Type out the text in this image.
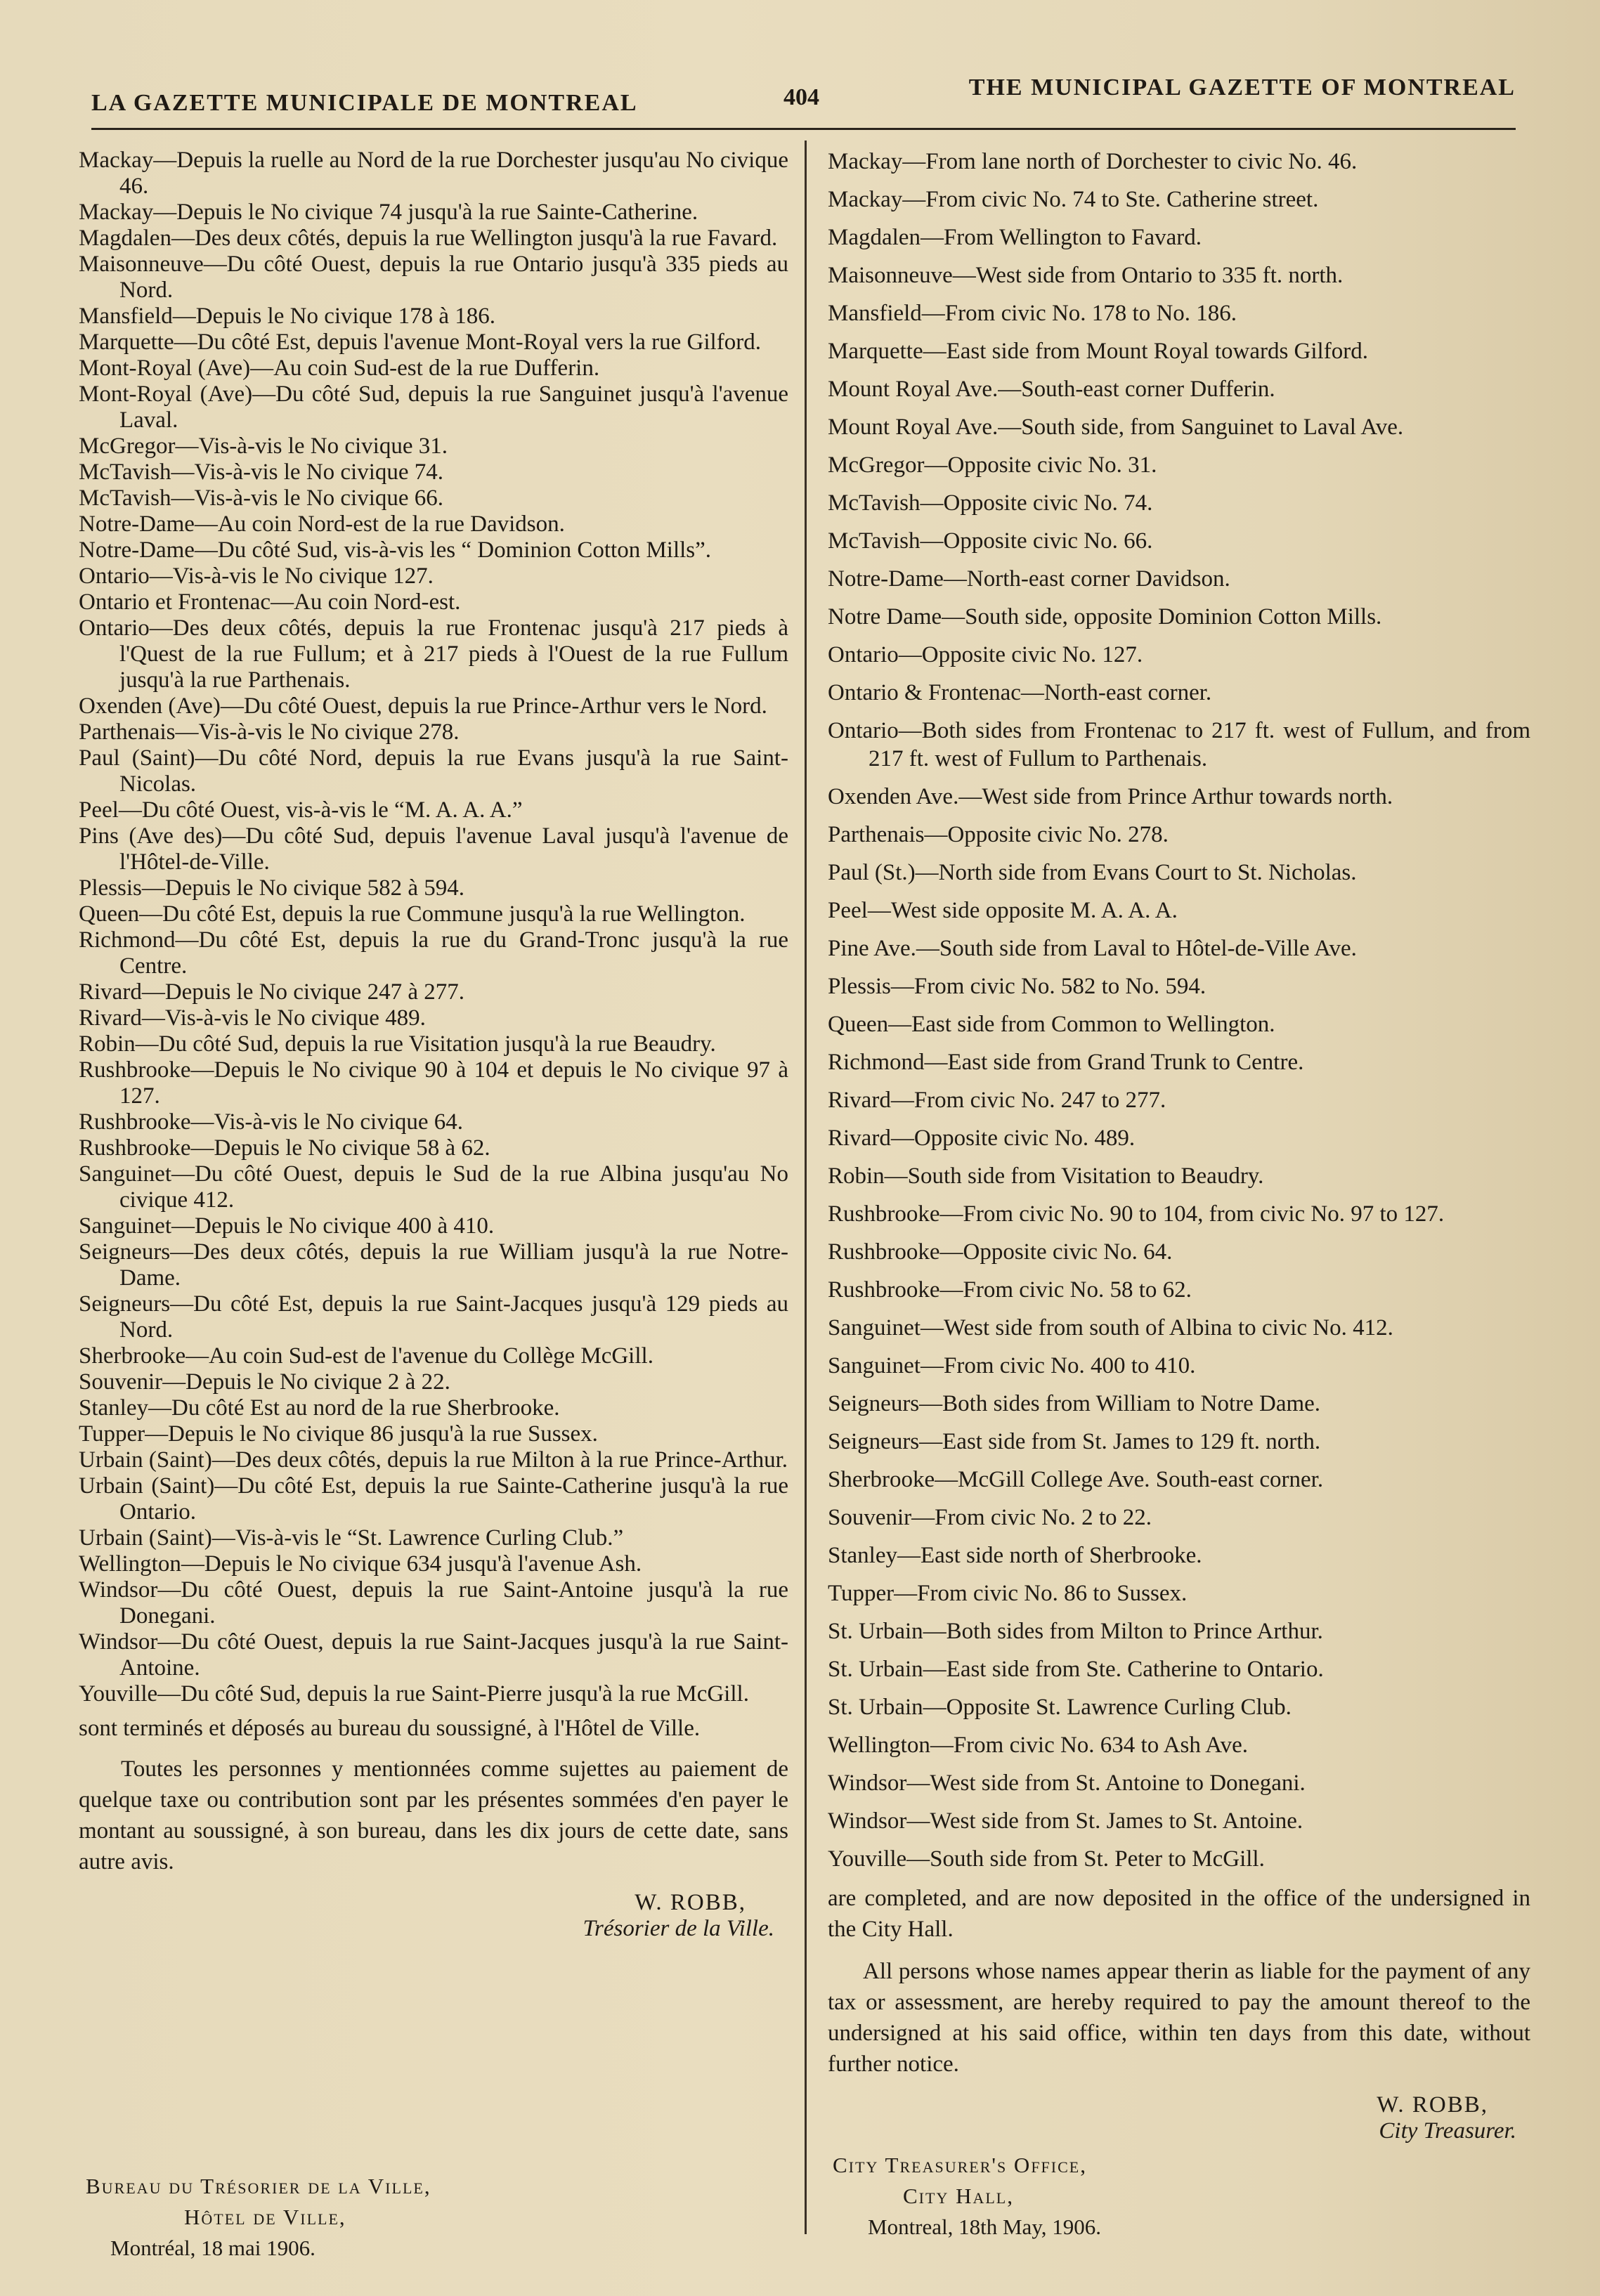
LA GAZETTE MUNICIPALE DE MONTREAL	404	THE MUNICIPAL GAZETTE OF MONTREAL
Mackay—Depuis la ruelle au Nord de la rue Dorchester jusqu'au No civique 46.
Mackay—Depuis le No civique 74 jusqu'à la rue Sainte-Catherine.
Magdalen—Des deux côtés, depuis la rue Wellington jusqu'à la rue Favard.
Maisonneuve—Du côté Ouest, depuis la rue Ontario jusqu'à 335 pieds au Nord.
Mansfield—Depuis le No civique 178 à 186.
Marquette—Du côté Est, depuis l'avenue Mont-Royal vers la rue Gilford.
Mont-Royal (Ave)—Au coin Sud-est de la rue Dufferin.
Mont-Royal (Ave)—Du côté Sud, depuis la rue Sanguinet jusqu'à l'avenue Laval.
McGregor—Vis-à-vis le No civique 31.
McTavish—Vis-à-vis le No civique 74.
McTavish—Vis-à-vis le No civique 66.
Notre-Dame—Au coin Nord-est de la rue Davidson.
Notre-Dame—Du côté Sud, vis-à-vis les “ Dominion Cotton Mills”.
Ontario—Vis-à-vis le No civique 127.
Ontario et Frontenac—Au coin Nord-est.
Ontario—Des deux côtés, depuis la rue Frontenac jusqu'à 217 pieds à l'Quest de la rue Fullum; et à 217 pieds à l'Ouest de la rue Fullum jusqu'à la rue Parthenais.
Oxenden (Ave)—Du côté Ouest, depuis la rue Prince-Arthur vers le Nord.
Parthenais—Vis-à-vis le No civique 278.
Paul (Saint)—Du côté Nord, depuis la rue Evans jusqu'à la rue Saint-Nicolas.
Peel—Du côté Ouest, vis-à-vis le “M. A. A. A.”
Pins (Ave des)—Du côté Sud, depuis l'avenue Laval jusqu'à l'avenue de l'Hôtel-de-Ville.
Plessis—Depuis le No civique 582 à 594.
Queen—Du côté Est, depuis la rue Commune jusqu'à la rue Wellington.
Richmond—Du côté Est, depuis la rue du Grand-Tronc jusqu'à la rue Centre.
Rivard—Depuis le No civique 247 à 277.
Rivard—Vis-à-vis le No civique 489.
Robin—Du côté Sud, depuis la rue Visitation jusqu'à la rue Beaudry.
Rushbrooke—Depuis le No civique 90 à 104 et depuis le No civique 97 à 127.
Rushbrooke—Vis-à-vis le No civique 64.
Rushbrooke—Depuis le No civique 58 à 62.
Sanguinet—Du côté Ouest, depuis le Sud de la rue Albina jusqu'au No civique 412.
Sanguinet—Depuis le No civique 400 à 410.
Seigneurs—Des deux côtés, depuis la rue William jusqu'à la rue Notre-Dame.
Seigneurs—Du côté Est, depuis la rue Saint-Jacques jusqu'à 129 pieds au Nord.
Sherbrooke—Au coin Sud-est de l'avenue du Collège McGill.
Souvenir—Depuis le No civique 2 à 22.
Stanley—Du côté Est au nord de la rue Sherbrooke.
Tupper—Depuis le No civique 86 jusqu'à la rue Sussex.
Urbain (Saint)—Des deux côtés, depuis la rue Milton à la rue Prince-Arthur.
Urbain (Saint)—Du côté Est, depuis la rue Sainte-Catherine jusqu'à la rue Ontario.
Urbain (Saint)—Vis-à-vis le “St. Lawrence Curling Club.”
Wellington—Depuis le No civique 634 jusqu'à l'avenue Ash.
Windsor—Du côté Ouest, depuis la rue Saint-Antoine jusqu'à la rue Donegani.
Windsor—Du côté Ouest, depuis la rue Saint-Jacques jusqu'à la rue Saint-Antoine.
Youville—Du côté Sud, depuis la rue Saint-Pierre jusqu'à la rue McGill.
sont terminés et déposés au bureau du soussigné, à l'Hôtel de Ville.
Toutes les personnes y mentionnées comme sujettes au paiement de quelque taxe ou contribution sont par les présentes sommées d'en payer le montant au soussigné, à son bureau, dans les dix jours de cette date, sans autre avis.
W. ROBB,
Trésorier de la Ville.
Mackay—From lane north of Dorchester to civic No. 46.
Mackay—From civic No. 74 to Ste. Catherine street.
Magdalen—From Wellington to Favard.
Maisonneuve—West side from Ontario to 335 ft. north.
Mansfield—From civic No. 178 to No. 186.
Marquette—East side from Mount Royal towards Gilford.
Mount Royal Ave.—South-east corner Dufferin.
Mount Royal Ave.—South side, from Sanguinet to Laval Ave.
McGregor—Opposite civic No. 31.
McTavish—Opposite civic No. 74.
McTavish—Opposite civic No. 66.
Notre-Dame—North-east corner Davidson.
Notre Dame—South side, opposite Dominion Cotton Mills.
Ontario—Opposite civic No. 127.
Ontario & Frontenac—North-east corner.
Ontario—Both sides from Frontenac to 217 ft. west of Fullum, and from 217 ft. west of Fullum to Parthenais.
Oxenden Ave.—West side from Prince Arthur towards north.
Parthenais—Opposite civic No. 278.
Paul (St.)—North side from Evans Court to St. Nicholas.
Peel—West side opposite M. A. A. A.
Pine Ave.—South side from Laval to Hôtel-de-Ville Ave.
Plessis—From civic No. 582 to No. 594.
Queen—East side from Common to Wellington.
Richmond—East side from Grand Trunk to Centre.
Rivard—From civic No. 247 to 277.
Rivard—Opposite civic No. 489.
Robin—South side from Visitation to Beaudry.
Rushbrooke—From civic No. 90 to 104, from civic No. 97 to 127.
Rushbrooke—Opposite civic No. 64.
Rushbrooke—From civic No. 58 to 62.
Sanguinet—West side from south of Albina to civic No. 412.
Sanguinet—From civic No. 400 to 410.
Seigneurs—Both sides from William to Notre Dame.
Seigneurs—East side from St. James to 129 ft. north.
Sherbrooke—McGill College Ave. South-east corner.
Souvenir—From civic No. 2 to 22.
Stanley—East side north of Sherbrooke.
Tupper—From civic No. 86 to Sussex.
St. Urbain—Both sides from Milton to Prince Arthur.
St. Urbain—East side from Ste. Catherine to Ontario.
St. Urbain—Opposite St. Lawrence Curling Club.
Wellington—From civic No. 634 to Ash Ave.
Windsor—West side from St. Antoine to Donegani.
Windsor—West side from St. James to St. Antoine.
Youville—South side from St. Peter to McGill.
are completed, and are now deposited in the office of the undersigned in the City Hall.
All persons whose names appear therin as liable for the payment of any tax or assessment, are hereby required to pay the amount thereof to the undersigned at his said office, within ten days from this date, without further notice.
W. ROBB,
City Treasurer.
Bureau du Trésorier de la Ville,
Hôtel de Ville,
Montréal, 18 mai 1906.
City Treasurer's Office,
City Hall,
Montreal, 18th May, 1906.
